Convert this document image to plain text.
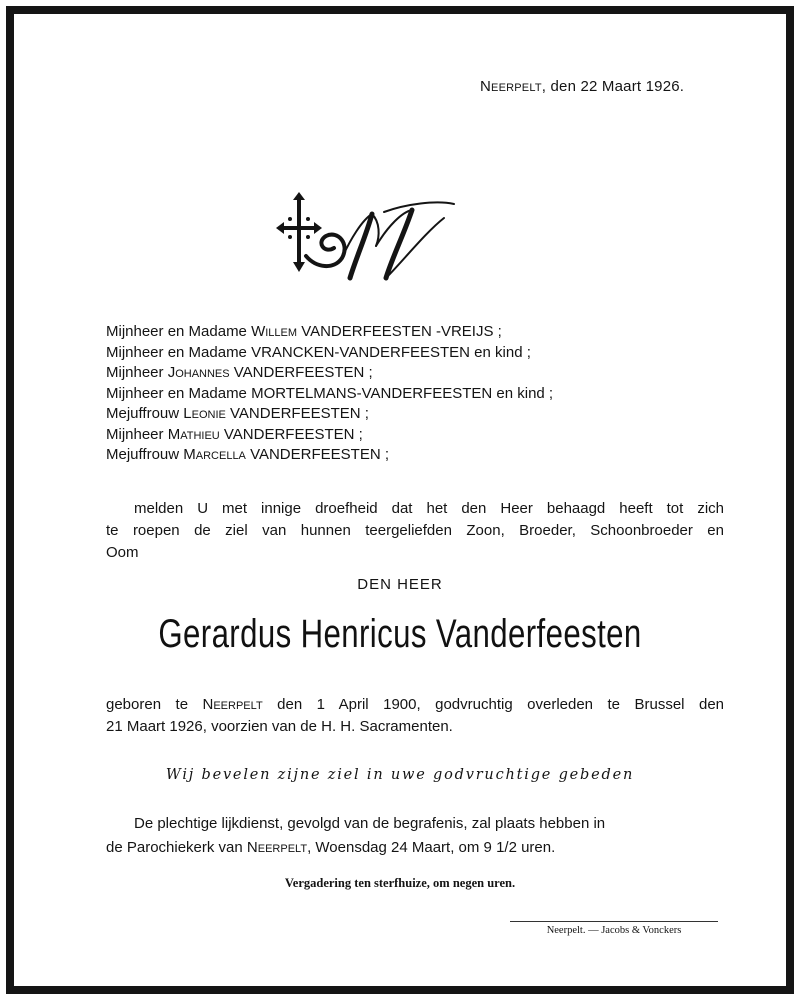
Neerpelt, den 22 Maart 1926.
Mijnheer en Madame Willem VANDERFEESTEN -VREIJS ;
Mijnheer en Madame VRANCKEN-VANDERFEESTEN en kind ;
Mijnheer Johannes VANDERFEESTEN ;
Mijnheer en Madame MORTELMANS-VANDERFEESTEN en kind ;
Mejuffrouw Leonie VANDERFEESTEN ;
Mijnheer Mathieu VANDERFEESTEN ;
Mejuffrouw Marcella VANDERFEESTEN ;
melden U met innige droefheid dat het den Heer behaagd heeft tot zich
te roepen de ziel van hunnen teergeliefden Zoon, Broeder, Schoonbroeder en
Oom
DEN HEER
Gerardus Henricus Vanderfeesten
geboren te Neerpelt den 1 April 1900, godvruchtig overleden te Brussel den
21 Maart 1926, voorzien van de H. H. Sacramenten.
Wij bevelen zijne ziel in uwe godvruchtige gebeden
De plechtige lijkdienst, gevolgd van de begrafenis, zal plaats hebben in
de Parochiekerk van Neerpelt, Woensdag 24 Maart, om 9 1/2 uren.
Vergadering ten sterfhuize, om negen uren.
Neerpelt. — Jacobs & Vonckers
